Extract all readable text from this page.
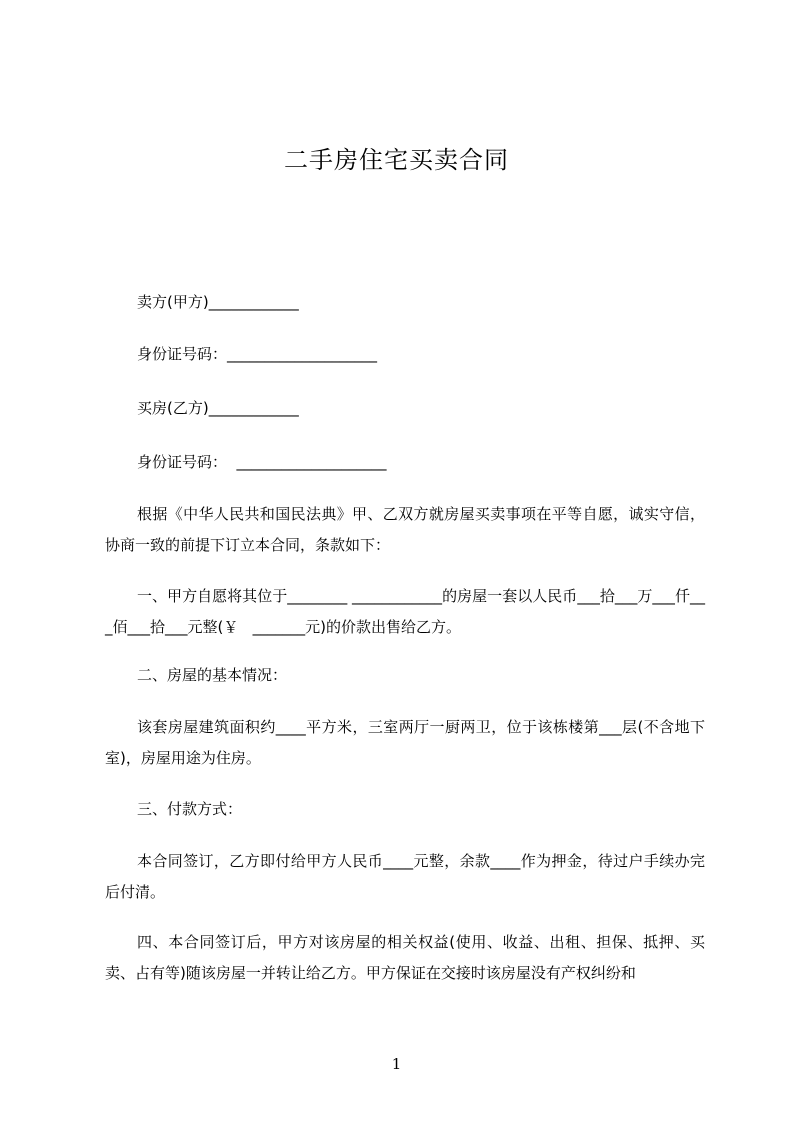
二手房住宅买卖合同
卖方(甲方)____________
身份证号码：____________________
买房(乙方)____________
身份证号码：  ____________________
根据《中华人民共和国民法典》甲、乙双方就房屋买卖事项在平等自愿，诚实守信，协商一致的前提下订立本合同，条款如下：
一、甲方自愿将其位于________ ____________的房屋一套以人民币___拾___万___仟___佰___拾___元整(￥   _______元)的价款出售给乙方。
二、房屋的基本情况：
该套房屋建筑面积约____平方米，三室两厅一厨两卫，位于该栋楼第___层(不含地下室)，房屋用途为住房。
三、付款方式：
本合同签订，乙方即付给甲方人民币____元整，余款____作为押金，待过户手续办完后付清。
四、本合同签订后，甲方对该房屋的相关权益(使用、收益、出租、担保、抵押、买卖、占有等)随该房屋一并转让给乙方。甲方保证在交接时该房屋没有产权纠纷和
1
